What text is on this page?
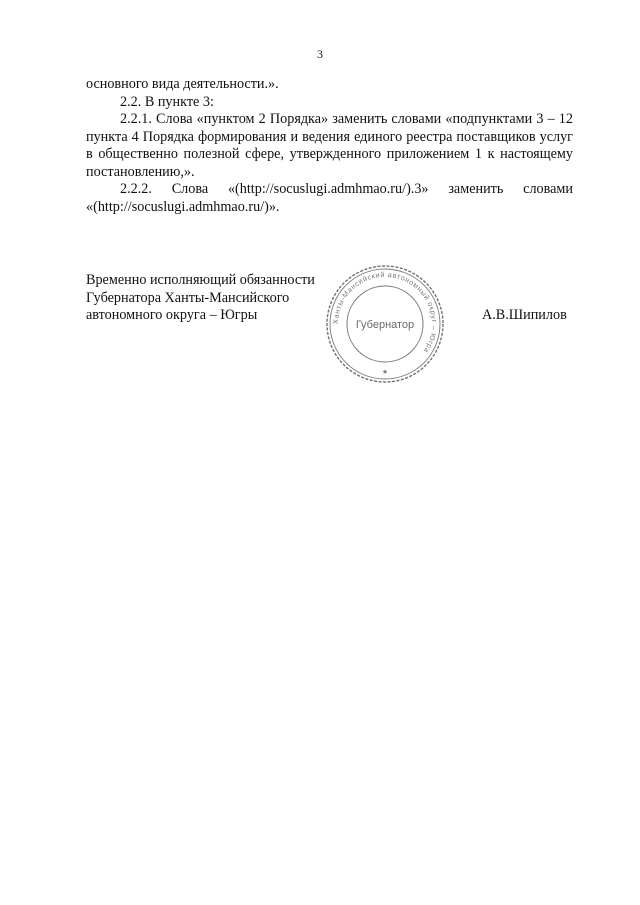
3

основного вида деятельности.».

2.2. В пункте 3:

2.2.1. Слова «пунктом 2 Порядка» заменить словами «подпунктами 3 – 12 пункта 4 Порядка формирования и ведения единого реестра поставщиков услуг в общественно полезной сфере, утвержденного приложением 1 к настоящему постановлению,».

2.2.2. Слова «(http://socuslugi.admhmao.ru/).3» заменить словами «(http://socuslugi.admhmao.ru/)».

Временно исполняющий обязанности
Губернатора Ханты-Мансийского
автономного округа – Югры	Ханты-Мансийский автономный округ – Югра
Губернатор
★
А.В.Шипилов
